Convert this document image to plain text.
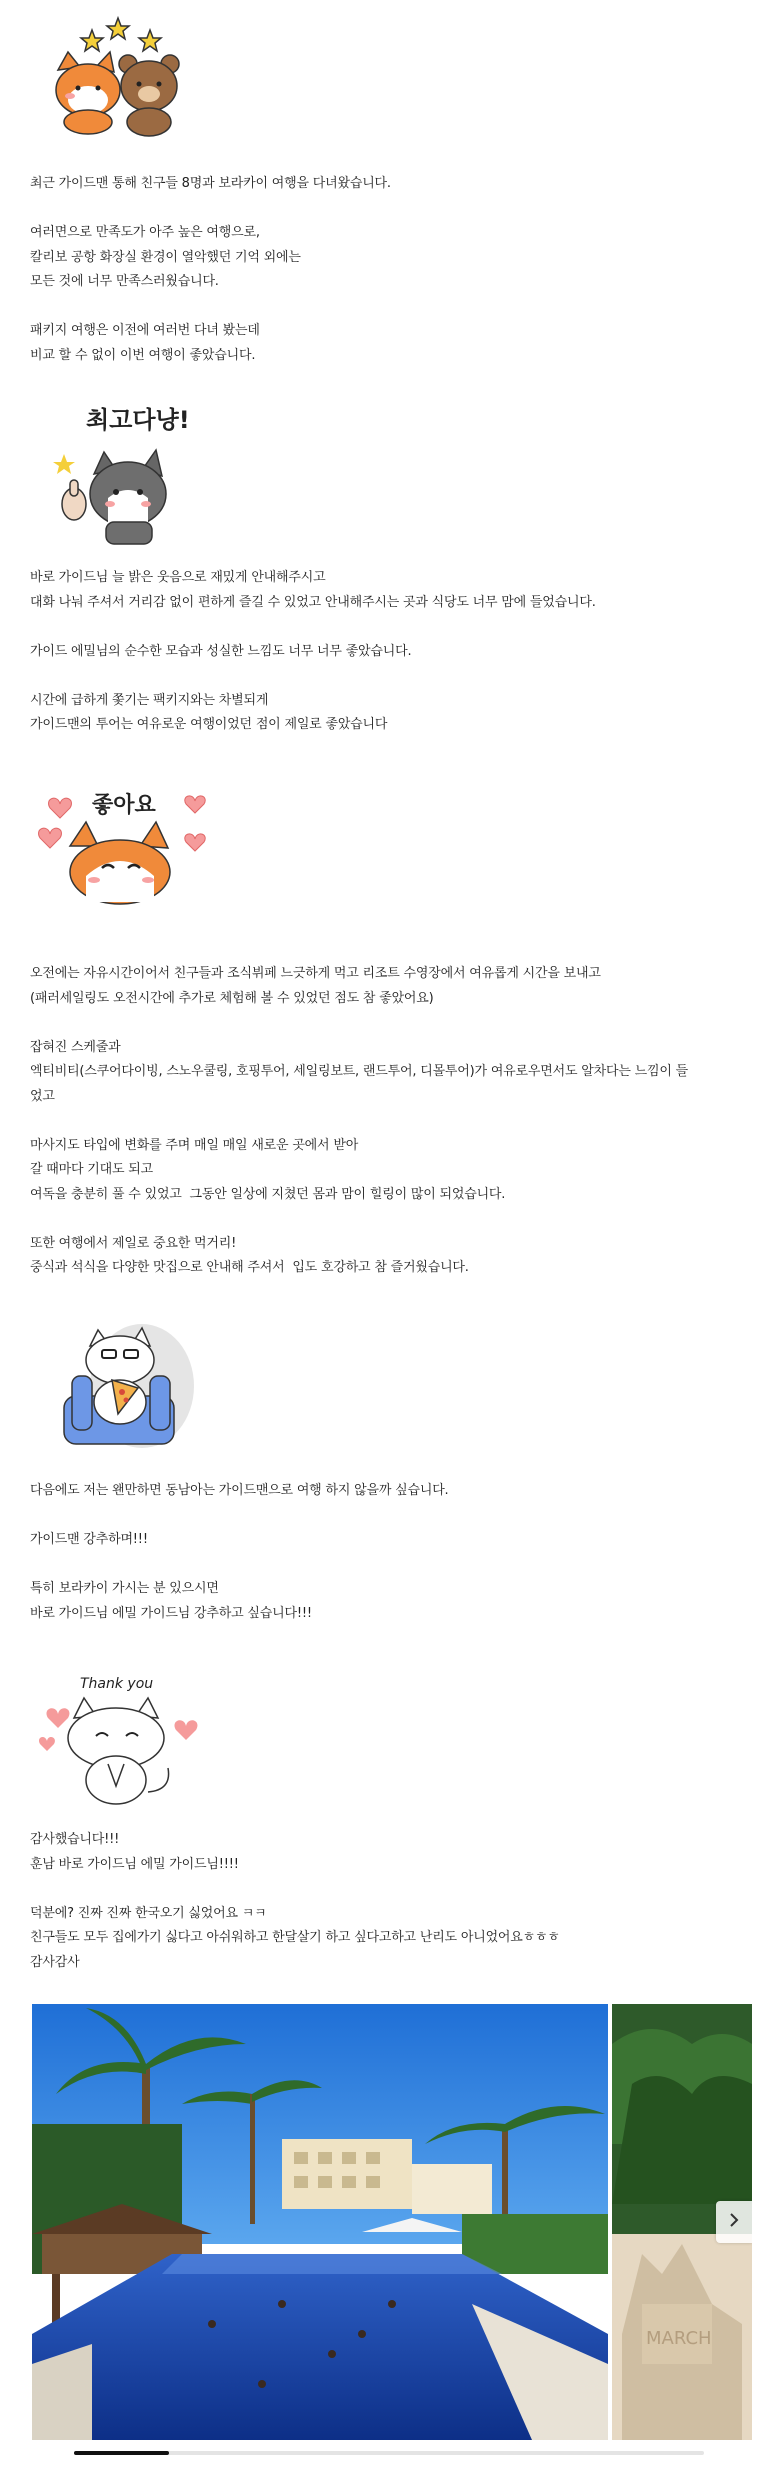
최근 가이드맨 통해 친구들 8명과 보라카이 여행을 다녀왔습니다.

여러면으로 만족도가 아주 높은 여행으로,

칼리보 공항 화장실 환경이 열악했던 기억 외에는

모든 것에 너무 만족스러웠습니다.

패키지 여행은 이전에 여러번 다녀 봤는데

비교 할 수 없이 이번 여행이 좋았습니다.

최고다냥!

바로 가이드님 늘 밝은 웃음으로 재밌게 안내해주시고

대화 나눠 주셔서 거리감 없이 편하게 즐길 수 있었고 안내해주시는 곳과 식당도 너무 맘에 들었습니다.

가이드 에밀님의 순수한 모습과 성실한 느낌도 너무 너무 좋았습니다.

시간에 급하게 쫓기는 팩키지와는 차별되게

가이드맨의 투어는 여유로운 여행이었던 점이 제일로 좋았습니다

좋아요

오전에는 자유시간이어서 친구들과 조식뷔페 느긋하게 먹고 리조트 수영장에서 여유롭게 시간을 보내고

(패러세일링도 오전시간에 추가로 체험해 볼 수 있었던 점도 참 좋았어요)

잡혀진 스케줄과

엑티비티(스쿠어다이빙, 스노우쿨링, 호핑투어, 세일링보트, 랜드투어, 디몰투어)가 여유로우면서도 알차다는 느낌이 들

었고

마사지도 타입에 변화를 주며 매일 매일 새로운 곳에서 받아

갈 때마다 기대도 되고

여독을 충분히 풀 수 있었고  그동안 일상에 지쳤던 몸과 맘이 힐링이 많이 되었습니다.

또한 여행에서 제일로 중요한 먹거리!

중식과 석식을 다양한 맛집으로 안내해 주셔서  입도 호강하고 참 즐거웠습니다.

다음에도 저는 왠만하면 동남아는 가이드맨으로 여행 하지 않을까 싶습니다.

가이드맨 강추하며!!!

특히 보라카이 가시는 분 있으시면

바로 가이드님 에밀 가이드님 강추하고 싶습니다!!!

Thank you

감사했습니다!!!

훈남 바로 가이드님 에밀 가이드님!!!!

덕분에? 진짜 진짜 한국오기 싫었어요 ㅋㅋ

친구들도 모두 집에가기 싫다고 아쉬워하고 한달살기 하고 싶다고하고 난리도 아니었어요ㅎㅎㅎ

감사감사

MARCH
